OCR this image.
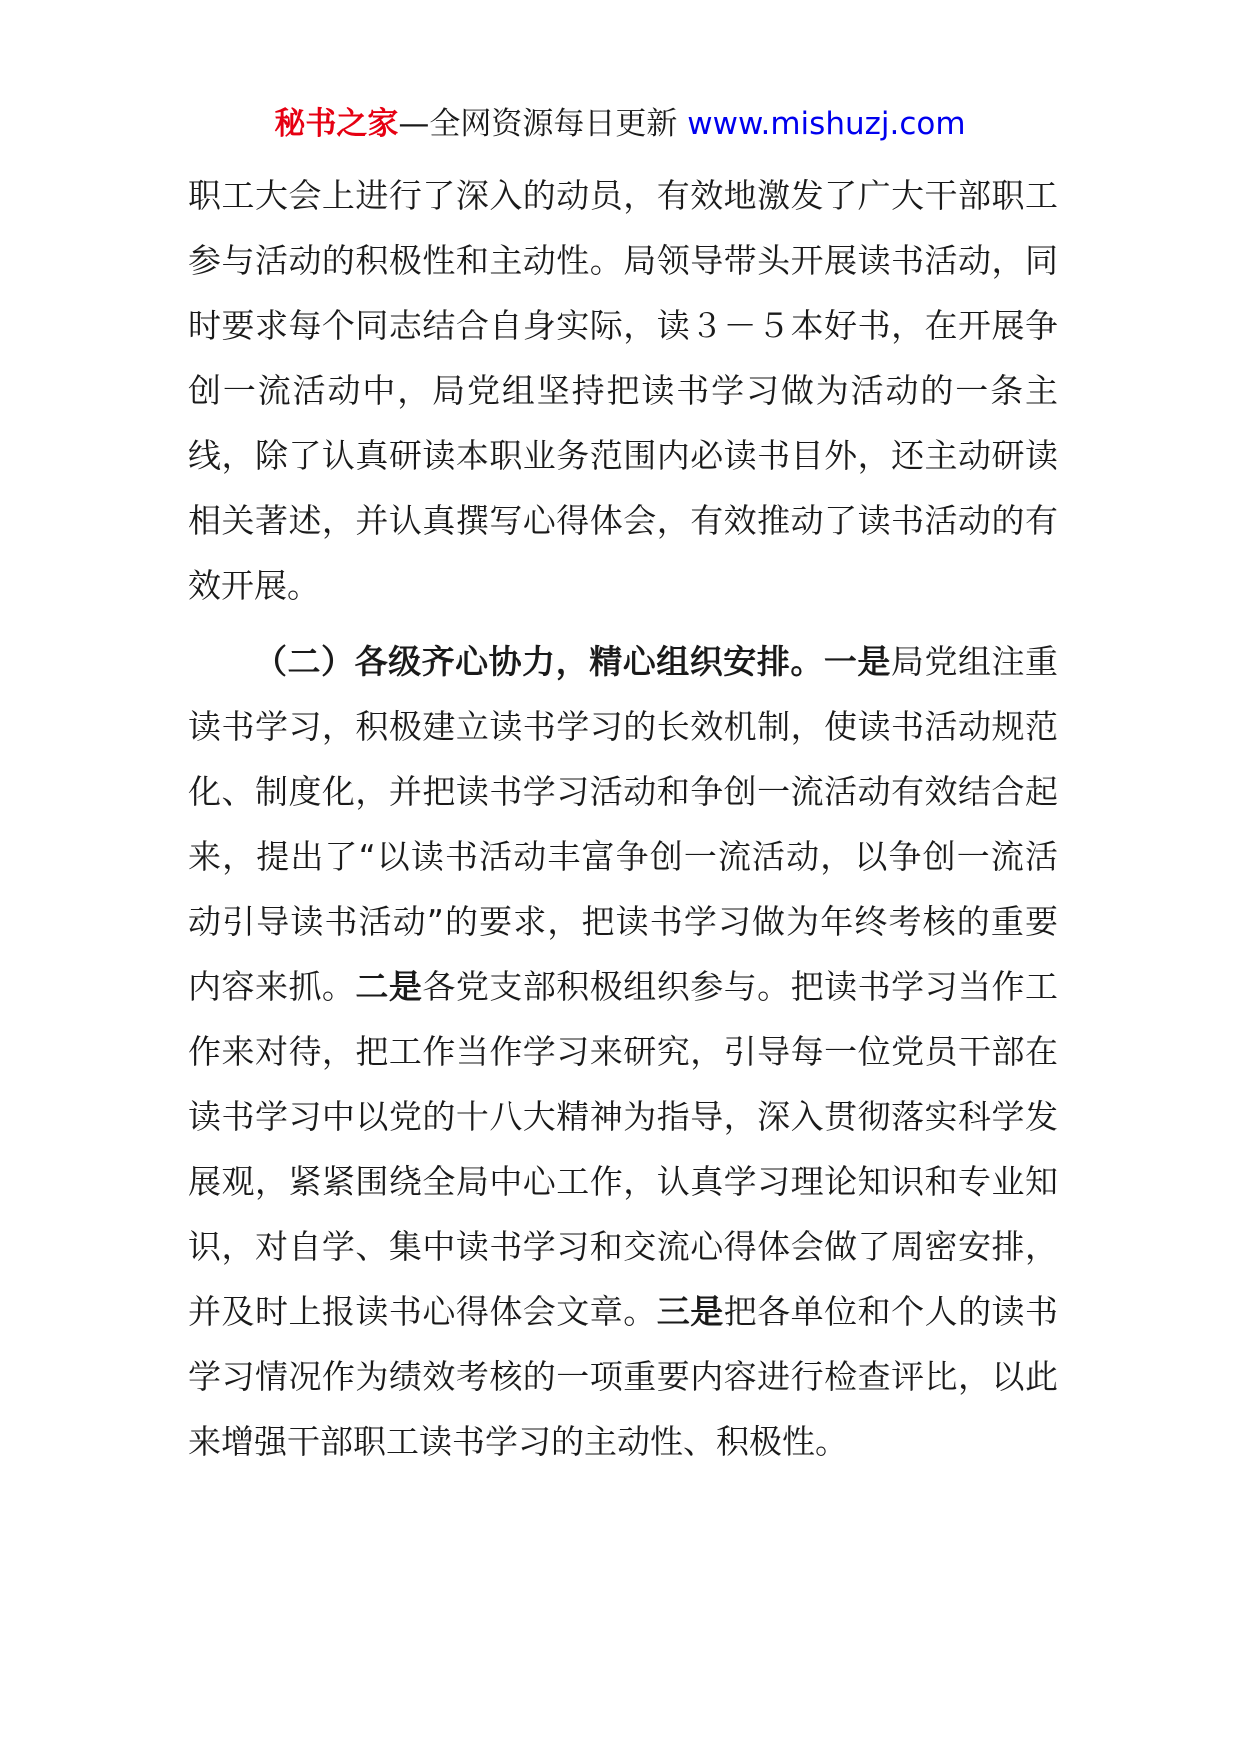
秘书之家—全网资源每日更新 www.mishuzj.com

职工大会上进行了深入的动员，有效地激发了广大干部职工参与活动的积极性和主动性。局领导带头开展读书活动，同时要求每个同志结合自身实际，读３－５本好书，在开展争创一流活动中，局党组坚持把读书学习做为活动的一条主线，除了认真研读本职业务范围内必读书目外，还主动研读相关著述，并认真撰写心得体会，有效推动了读书活动的有效开展。

（二）各级齐心协力，精心组织安排。一是局党组注重读书学习，积极建立读书学习的长效机制，使读书活动规范化、制度化，并把读书学习活动和争创一流活动有效结合起来，提出了“以读书活动丰富争创一流活动，以争创一流活动引导读书活动”的要求，把读书学习做为年终考核的重要内容来抓。二是各党支部积极组织参与。把读书学习当作工作来对待，把工作当作学习来研究，引导每一位党员干部在读书学习中以党的十八大精神为指导，深入贯彻落实科学发展观，紧紧围绕全局中心工作，认真学习理论知识和专业知识，对自学、集中读书学习和交流心得体会做了周密安排，并及时上报读书心得体会文章。三是把各单位和个人的读书学习情况作为绩效考核的一项重要内容进行检查评比，以此来增强干部职工读书学习的主动性、积极性。
